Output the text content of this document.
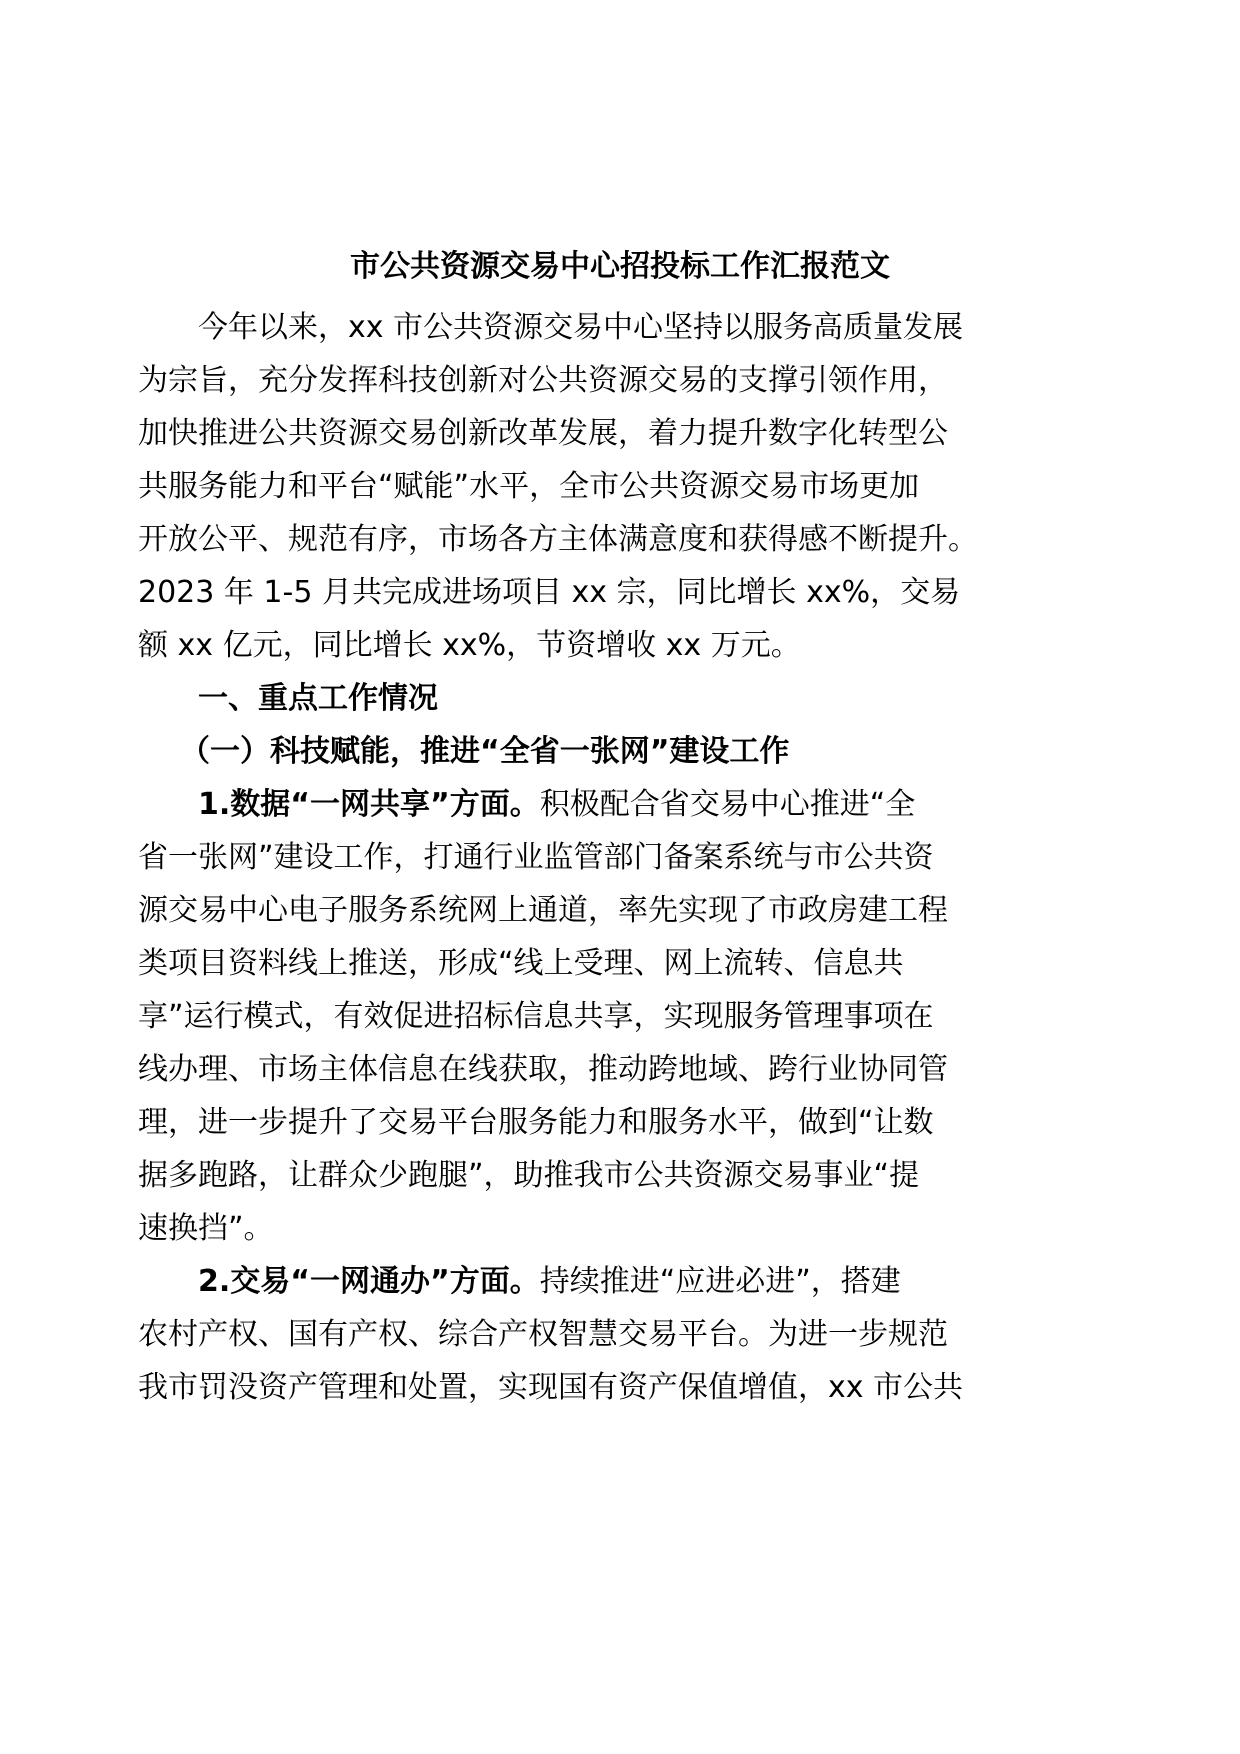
市公共资源交易中心招投标工作汇报范文
今年以来，xx 市公共资源交易中心坚持以服务高质量发展
为宗旨，充分发挥科技创新对公共资源交易的支撑引领作用，
加快推进公共资源交易创新改革发展，着力提升数字化转型公
共服务能力和平台“赋能”水平，全市公共资源交易市场更加
开放公平、规范有序，市场各方主体满意度和获得感不断提升。
2023 年 1-5 月共完成进场项目 xx 宗，同比增长 xx%，交易
额 xx 亿元，同比增长 xx%，节资增收 xx 万元。
一、重点工作情况
（一）科技赋能，推进“全省一张网”建设工作
1.数据“一网共享”方面。积极配合省交易中心推进“全
省一张网”建设工作，打通行业监管部门备案系统与市公共资
源交易中心电子服务系统网上通道，率先实现了市政房建工程
类项目资料线上推送，形成“线上受理、网上流转、信息共
享”运行模式，有效促进招标信息共享，实现服务管理事项在
线办理、市场主体信息在线获取，推动跨地域、跨行业协同管
理，进一步提升了交易平台服务能力和服务水平，做到“让数
据多跑路，让群众少跑腿”，助推我市公共资源交易事业“提
速换挡”。
2.交易“一网通办”方面。持续推进“应进必进”，搭建
农村产权、国有产权、综合产权智慧交易平台。为进一步规范
我市罚没资产管理和处置，实现国有资产保值增值，xx 市公共
